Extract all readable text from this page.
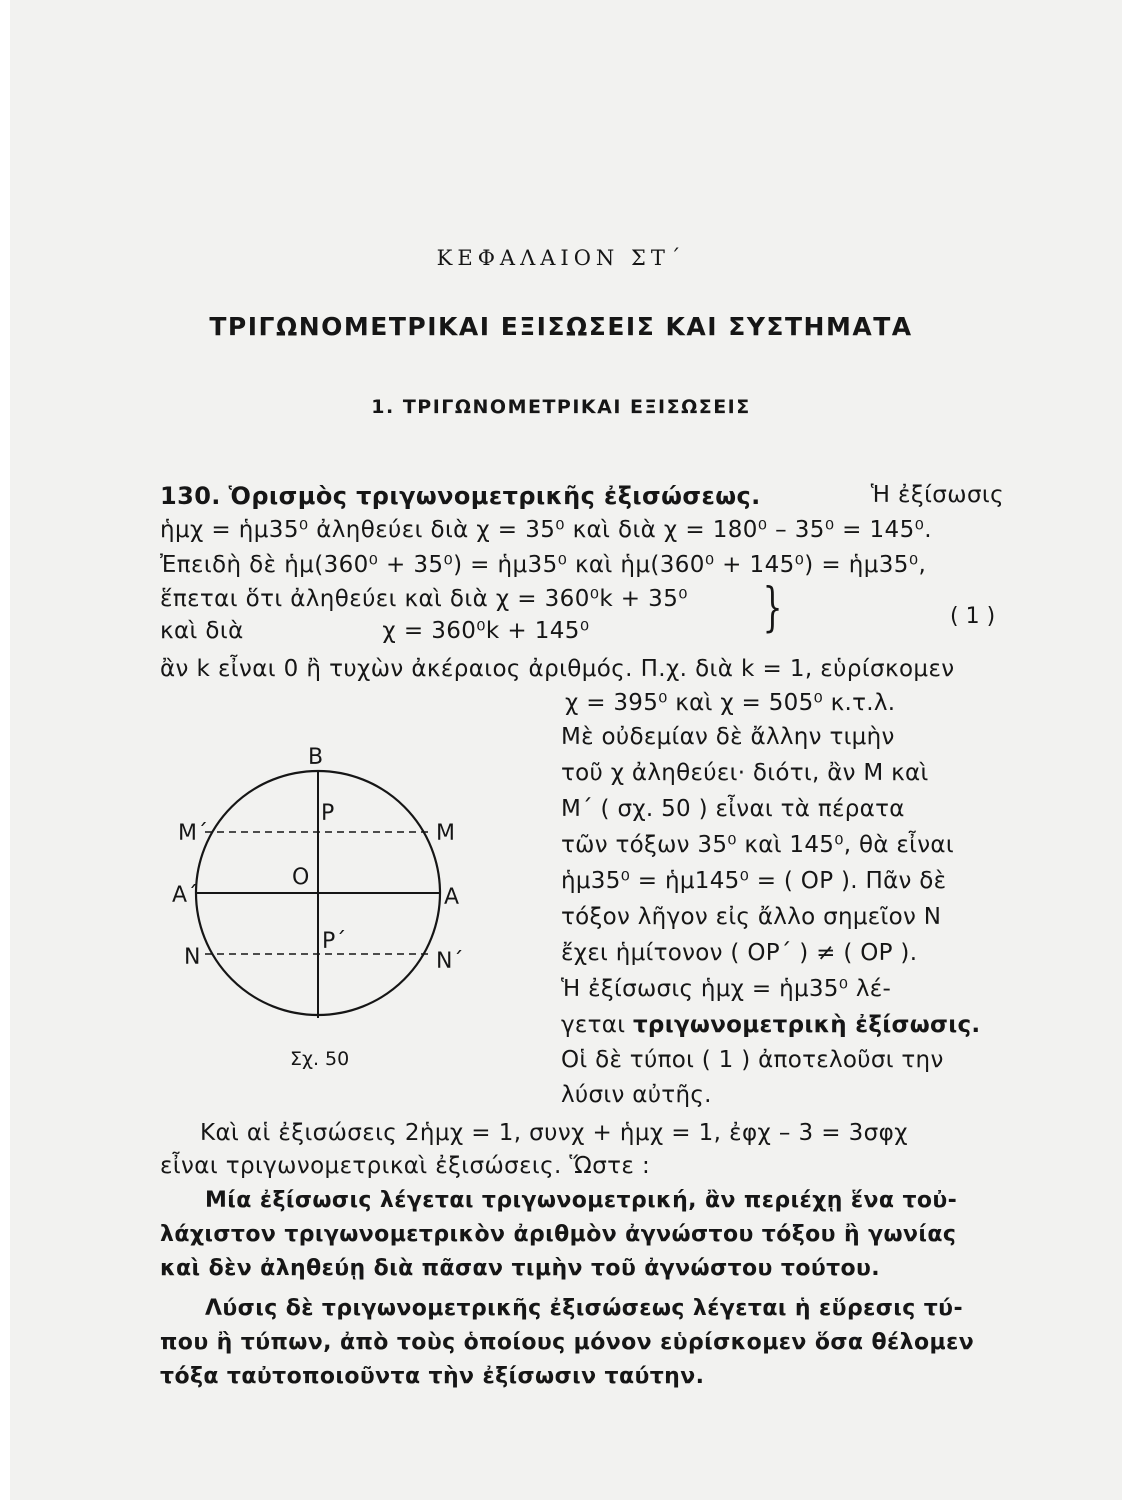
ΚΕΦΑΛΑΙΟΝ ΣΤ΄
ΤΡΙΓΩΝΟΜΕΤΡΙΚΑΙ ΕΞΙΣΩΣΕΙΣ ΚΑΙ ΣΥΣΤΗΜΑΤΑ
1. ΤΡΙΓΩΝΟΜΕΤΡΙΚΑΙ ΕΞΙΣΩΣΕΙΣ
130. Ὁρισμὸς τριγωνομετρικῆς ἐξισώσεως.	Ἡ ἐξίσωσις
ἡμχ = ἡμ35⁰ ἀληθεύει διὰ χ = 35⁰ καὶ διὰ χ = 180⁰ – 35⁰ = 145⁰.
Ἐπειδὴ δὲ ἡμ(360⁰ + 35⁰) = ἡμ35⁰ καὶ ἡμ(360⁰ + 145⁰) = ἡμ35⁰,
ἕπεται ὅτι ἀληθεύει καὶ διὰ χ = 360⁰k + 35⁰
καὶ διὰ                  χ = 360⁰k + 145⁰	}	( 1 )
ἂν k εἶναι 0 ἢ τυχὼν ἀκέραιος ἀριθμός. Π.χ. διὰ k = 1, εὑρίσκομεν
χ = 395⁰ καὶ χ = 505⁰ κ.τ.λ.
Μὲ οὐδεμίαν δὲ ἄλλην τιμὴν
τοῦ χ ἀληθεύει· διότι, ἂν Μ καὶ
Μ΄ ( σχ. 50 ) εἶναι τὰ πέρατα
τῶν τόξων 35⁰ καὶ 145⁰, θὰ εἶναι
ἡμ35⁰ = ἡμ145⁰ = ( ΟΡ ). Πᾶν δὲ
τόξον λῆγον εἰς ἄλλο σημεῖον Ν
ἔχει ἡμίτονον ( ΟΡ΄ ) ≠ ( ΟΡ ).
Ἡ ἐξίσωσις ἡμχ = ἡμ35⁰ λέ-
γεται τριγωνομετρικὴ ἐξίσωσις.
Οἱ δὲ τύποι ( 1 ) ἀποτελοῦσι την
λύσιν αὐτῆς.
Β
Ρ
Μ΄	Μ
Ο
Α΄	Α
Ρ΄
Ν	Ν΄
Σχ. 50
Καὶ αἱ ἐξισώσεις 2ἡμχ = 1, συνχ + ἡμχ = 1, ἐφχ – 3 = 3σφχ
εἶναι τριγωνομετρικαὶ ἐξισώσεις. Ὥστε :
Μία ἐξίσωσις λέγεται τριγωνομετρική, ἂν περιέχῃ ἕνα τοὐ-
λάχιστον τριγωνομετρικὸν ἀριθμὸν ἀγνώστου τόξου ἢ γωνίας
καὶ δὲν ἀληθεύῃ διὰ πᾶσαν τιμὴν τοῦ ἀγνώστου τούτου.
Λύσις δὲ τριγωνομετρικῆς ἐξισώσεως λέγεται ἡ εὕρεσις τύ-
που ἢ τύπων, ἀπὸ τοὺς ὁποίους μόνον εὑρίσκομεν ὅσα θέλομεν
τόξα ταὐτοποιοῦντα τὴν ἐξίσωσιν ταύτην.
